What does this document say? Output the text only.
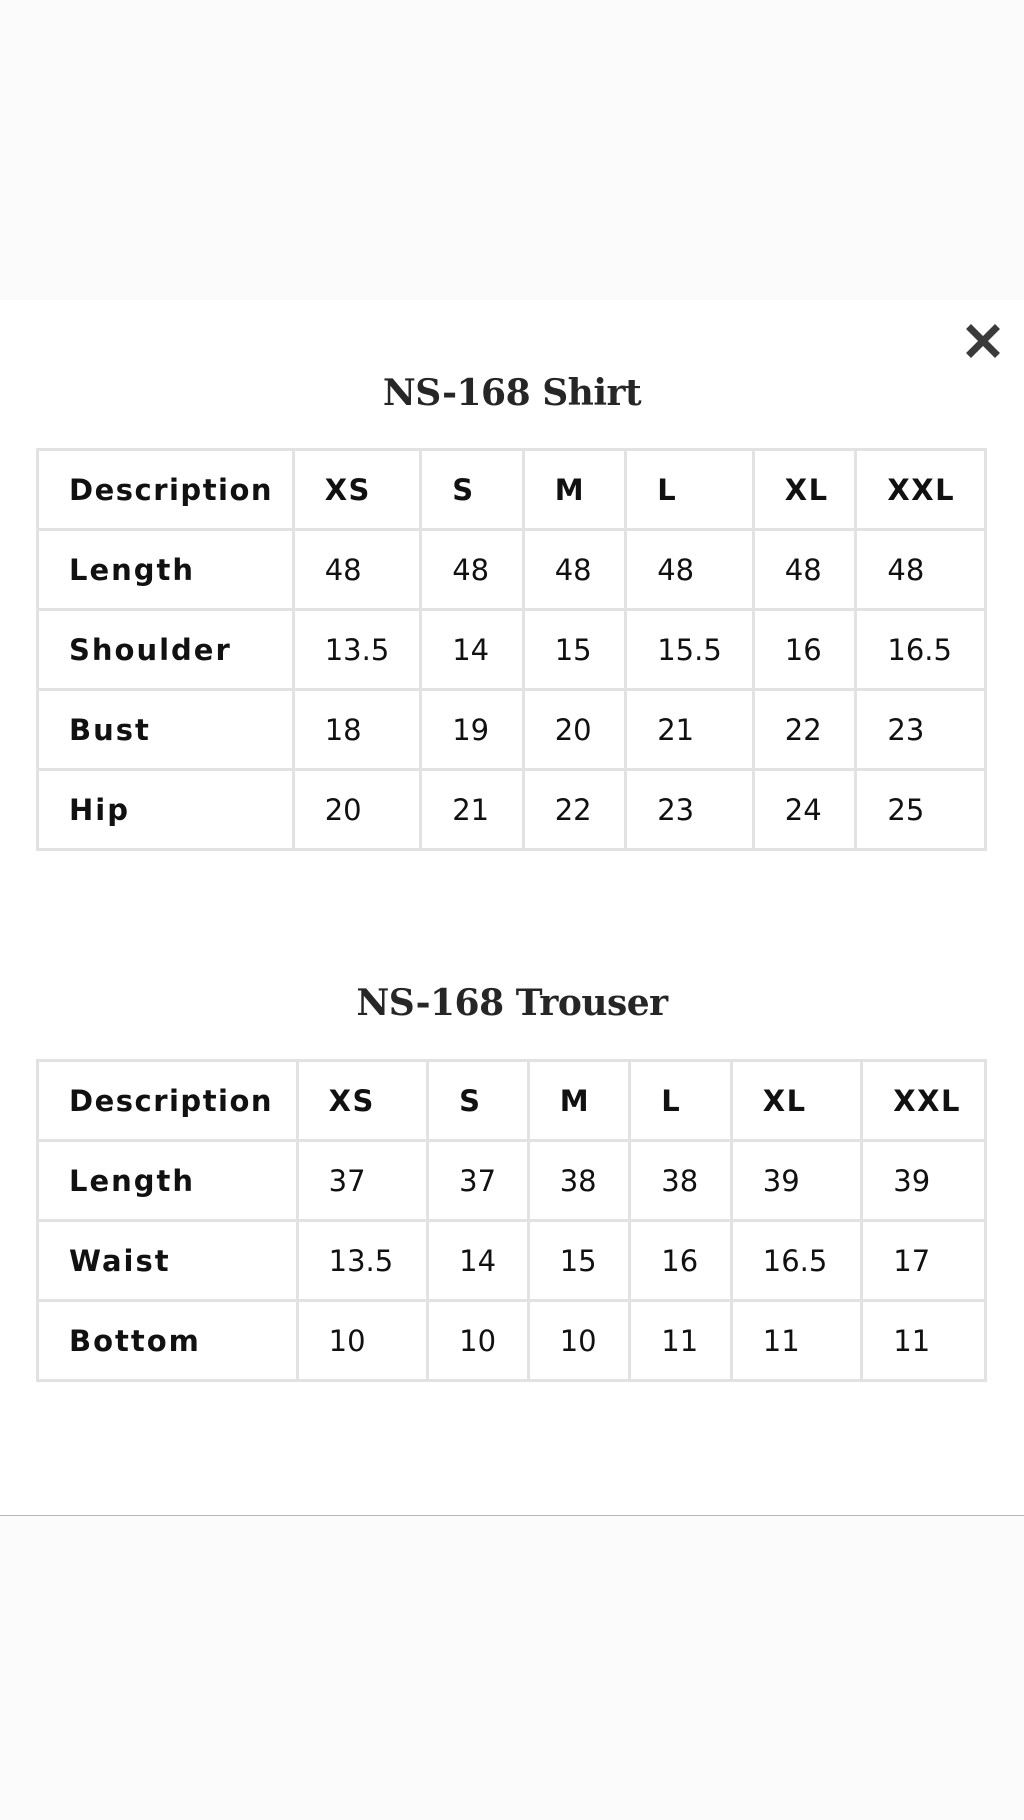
NS-168 Shirt
Description	XS	S	M	L	XL	XXL
Length	48	48	48	48	48	48
Shoulder	13.5	14	15	15.5	16	16.5
Bust	18	19	20	21	22	23
Hip	20	21	22	23	24	25
NS-168 Trouser
Description	XS	S	M	L	XL	XXL
Length	37	37	38	38	39	39
Waist	13.5	14	15	16	16.5	17
Bottom	10	10	10	11	11	11
